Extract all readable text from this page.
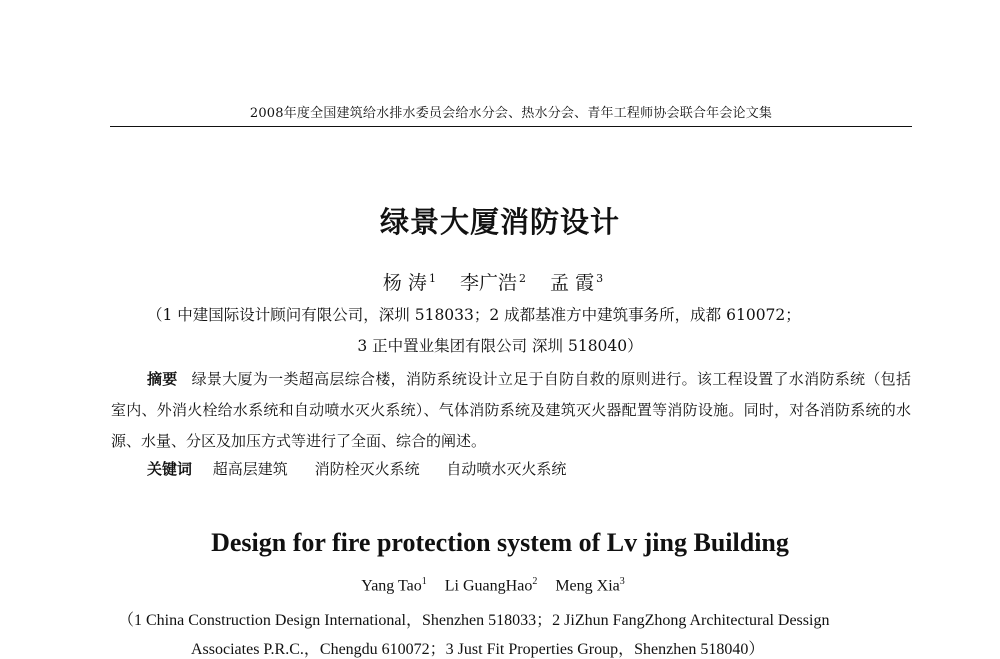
2008年度全国建筑给水排水委员会给水分会、热水分会、青年工程师协会联合年会论文集
绿景大厦消防设计
杨 涛 $^1$ 李广浩 $^2$ 孟 霞 $^3$
（1 中建国际设计顾问有限公司，深圳 518033；2 成都基准方中建筑事务所，成都 610072；
3 正中置业集团有限公司 深圳 518040）
摘要 绿景大厦为一类超高层综合楼，消防系统设计立足于自防自救的原则进行。该工程设置了水消防系统（包括室内、外消火栓给水系统和自动喷水灭火系统）、气体消防系统及建筑灭火器配置等消防设施。同时，对各消防系统的水源、水量、分区及加压方式等进行了全面、综合的阐述。
关键词 超高层建筑 消防栓灭火系统 自动喷水灭火系统
Design for fire protection system of Lv jing Building
Yang Tao$^1$ Li GuangHao$^2$ Meng Xia$^3$
（1 China Construction Design International，Shenzhen 518033；2 JiZhun FangZhong Architectural Dessign
Associates P.R.C.，Chengdu 610072；3 Just Fit Properties Group，Shenzhen 518040）
